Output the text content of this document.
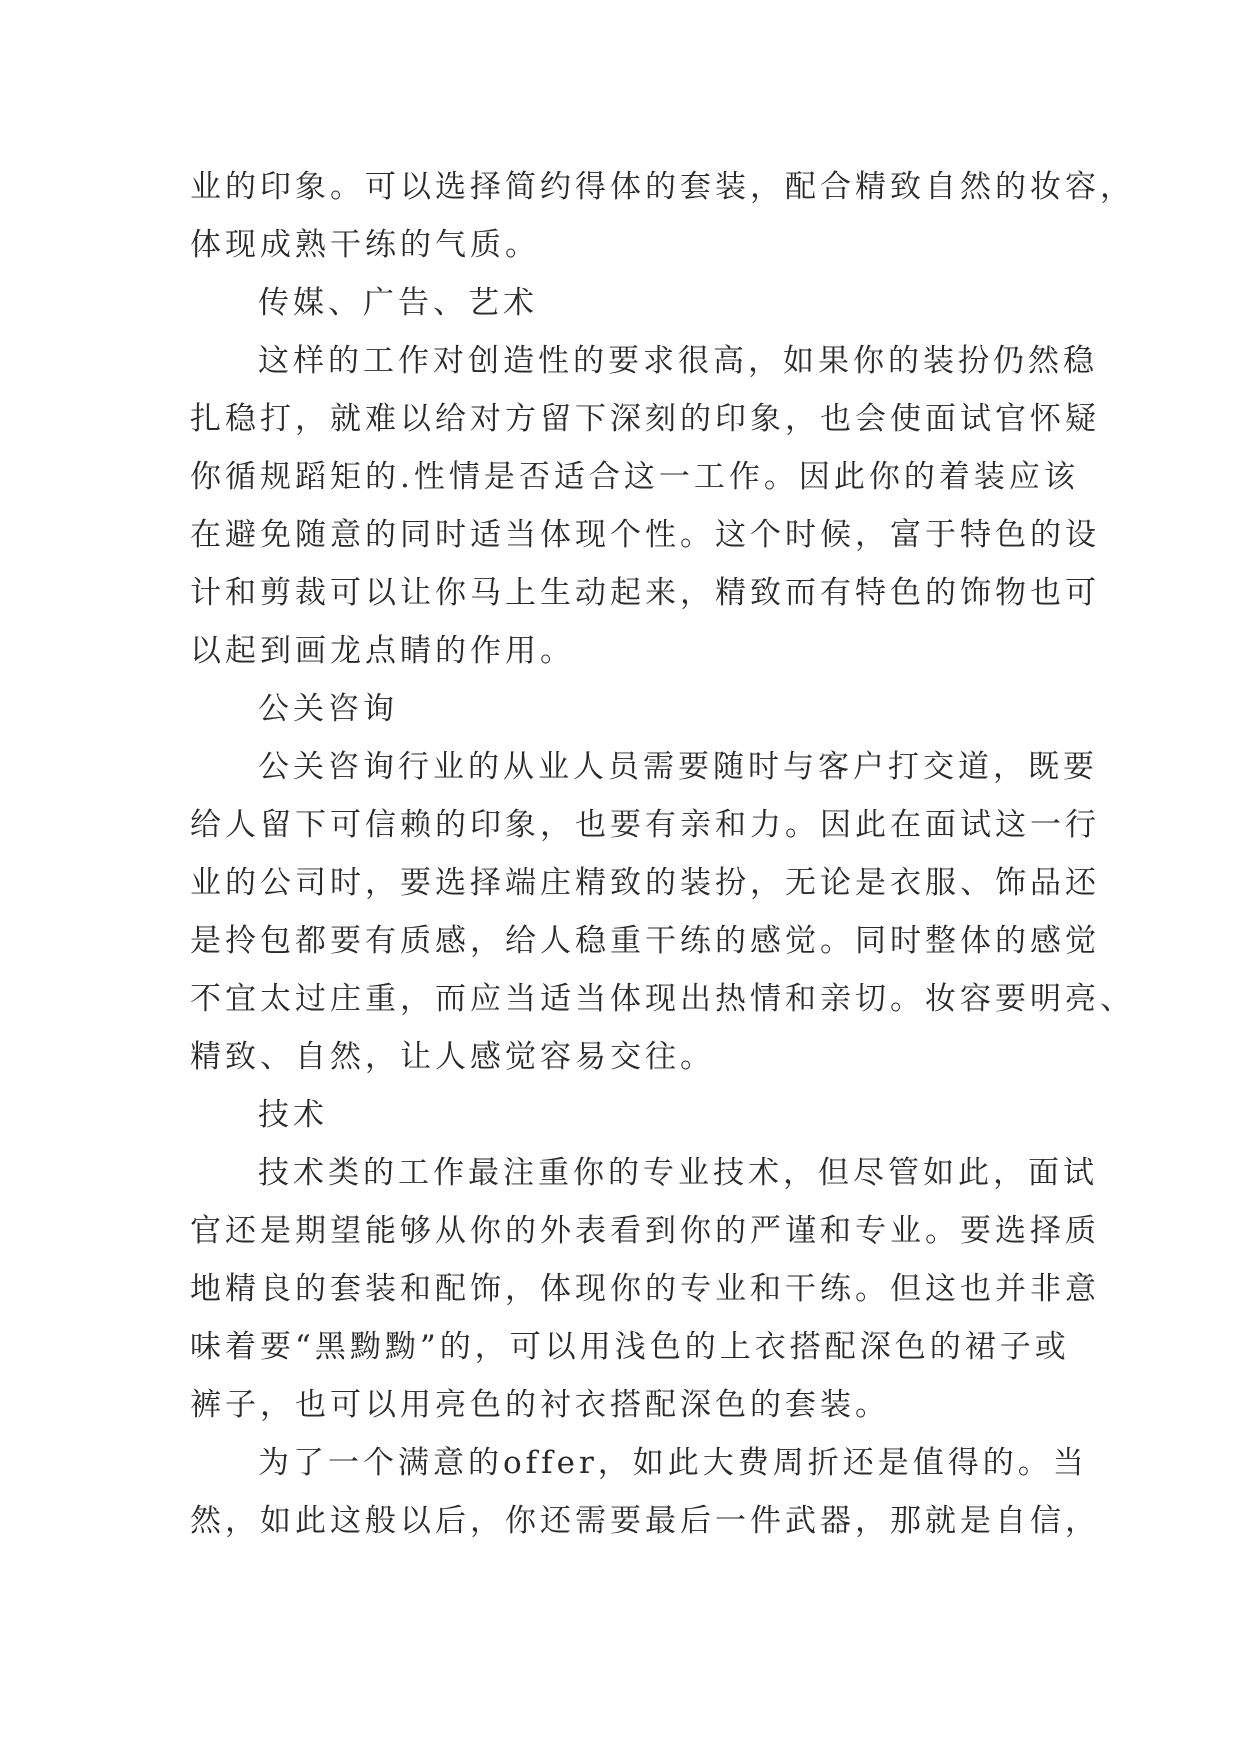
业的印象。可以选择简约得体的套装，配合精致自然的妆容，
体现成熟干练的气质。
传媒、广告、艺术
这样的工作对创造性的要求很高，如果你的装扮仍然稳
扎稳打，就难以给对方留下深刻的印象，也会使面试官怀疑
你循规蹈矩的.性情是否适合这一工作。因此你的着装应该
在避免随意的同时适当体现个性。这个时候，富于特色的设
计和剪裁可以让你马上生动起来，精致而有特色的饰物也可
以起到画龙点睛的作用。
公关咨询
公关咨询行业的从业人员需要随时与客户打交道，既要
给人留下可信赖的印象，也要有亲和力。因此在面试这一行
业的公司时，要选择端庄精致的装扮，无论是衣服、饰品还
是拎包都要有质感，给人稳重干练的感觉。同时整体的感觉
不宜太过庄重，而应当适当体现出热情和亲切。妆容要明亮、
精致、自然，让人感觉容易交往。
技术
技术类的工作最注重你的专业技术，但尽管如此，面试
官还是期望能够从你的外表看到你的严谨和专业。要选择质
地精良的套装和配饰，体现你的专业和干练。但这也并非意
味着要“黑黝黝”的，可以用浅色的上衣搭配深色的裙子或
裤子，也可以用亮色的衬衣搭配深色的套装。
为了一个满意的offer，如此大费周折还是值得的。当
然，如此这般以后，你还需要最后一件武器，那就是自信，
